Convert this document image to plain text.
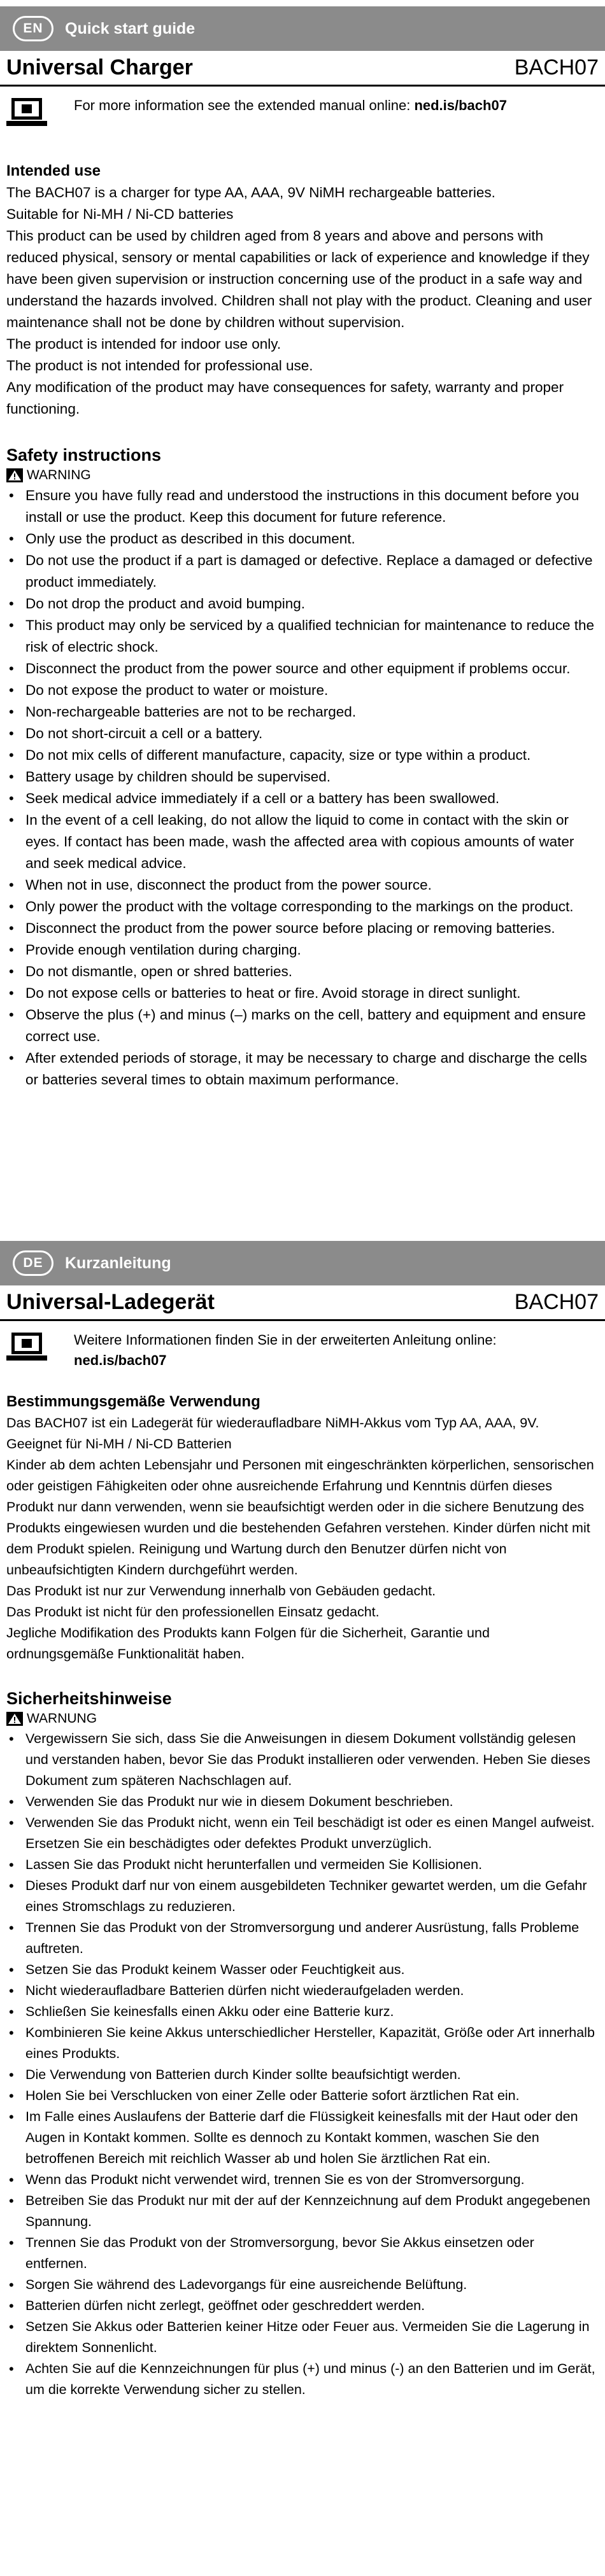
EN	Quick start guide
Universal Charger	BACH07
For more information see the extended manual online: ned.is/bach07
Intended use
The BACH07 is a charger for type AA, AAA, 9V NiMH rechargeable batteries.
Suitable for Ni-MH / Ni-CD batteries
This product can be used by children aged from 8 years and above and persons with reduced physical, sensory or mental capabilities or lack of experience and knowledge if they have been given supervision or instruction concerning use of the product in a safe way and understand the hazards involved. Children shall not play with the product. Cleaning and user maintenance shall not be done by children without supervision.
The product is intended for indoor use only.
The product is not intended for professional use.
Any modification of the product may have consequences for safety, warranty and proper functioning.
Safety instructions
WARNING
• Ensure you have fully read and understood the instructions in this document before you install or use the product. Keep this document for future reference.
• Only use the product as described in this document.
• Do not use the product if a part is damaged or defective. Replace a damaged or defective product immediately.
• Do not drop the product and avoid bumping.
• This product may only be serviced by a qualified technician for maintenance to reduce the risk of electric shock.
• Disconnect the product from the power source and other equipment if problems occur.
• Do not expose the product to water or moisture.
• Non-rechargeable batteries are not to be recharged.
• Do not short-circuit a cell or a battery.
• Do not mix cells of different manufacture, capacity, size or type within a product.
• Battery usage by children should be supervised.
• Seek medical advice immediately if a cell or a battery has been swallowed.
• In the event of a cell leaking, do not allow the liquid to come in contact with the skin or eyes. If contact has been made, wash the affected area with copious amounts of water and seek medical advice.
• When not in use, disconnect the product from the power source.
• Only power the product with the voltage corresponding to the markings on the product.
• Disconnect the product from the power source before placing or removing batteries.
• Provide enough ventilation during charging.
• Do not dismantle, open or shred batteries.
• Do not expose cells or batteries to heat or fire. Avoid storage in direct sunlight.
• Observe the plus (+) and minus (–) marks on the cell, battery and equipment and ensure correct use.
• After extended periods of storage, it may be necessary to charge and discharge the cells or batteries several times to obtain maximum performance.
DE	Kurzanleitung
Universal-Ladegerät	BACH07
Weitere Informationen finden Sie in der erweiterten Anleitung online:
ned.is/bach07
Bestimmungsgemäße Verwendung
Das BACH07 ist ein Ladegerät für wiederaufladbare NiMH-Akkus vom Typ AA, AAA, 9V.
Geeignet für Ni-MH / Ni-CD Batterien
Kinder ab dem achten Lebensjahr und Personen mit eingeschränkten körperlichen, sensorischen oder geistigen Fähigkeiten oder ohne ausreichende Erfahrung und Kenntnis dürfen dieses Produkt nur dann verwenden, wenn sie beaufsichtigt werden oder in die sichere Benutzung des Produkts eingewiesen wurden und die bestehenden Gefahren verstehen. Kinder dürfen nicht mit dem Produkt spielen. Reinigung und Wartung durch den Benutzer dürfen nicht von unbeaufsichtigten Kindern durchgeführt werden.
Das Produkt ist nur zur Verwendung innerhalb von Gebäuden gedacht.
Das Produkt ist nicht für den professionellen Einsatz gedacht.
Jegliche Modifikation des Produkts kann Folgen für die Sicherheit, Garantie und ordnungsgemäße Funktionalität haben.
Sicherheitshinweise
WARNUNG
• Vergewissern Sie sich, dass Sie die Anweisungen in diesem Dokument vollständig gelesen und verstanden haben, bevor Sie das Produkt installieren oder verwenden. Heben Sie dieses Dokument zum späteren Nachschlagen auf.
• Verwenden Sie das Produkt nur wie in diesem Dokument beschrieben.
• Verwenden Sie das Produkt nicht, wenn ein Teil beschädigt ist oder es einen Mangel aufweist. Ersetzen Sie ein beschädigtes oder defektes Produkt unverzüglich.
• Lassen Sie das Produkt nicht herunterfallen und vermeiden Sie Kollisionen.
• Dieses Produkt darf nur von einem ausgebildeten Techniker gewartet werden, um die Gefahr eines Stromschlags zu reduzieren.
• Trennen Sie das Produkt von der Stromversorgung und anderer Ausrüstung, falls Probleme auftreten.
• Setzen Sie das Produkt keinem Wasser oder Feuchtigkeit aus.
• Nicht wiederaufladbare Batterien dürfen nicht wiederaufgeladen werden.
• Schließen Sie keinesfalls einen Akku oder eine Batterie kurz.
• Kombinieren Sie keine Akkus unterschiedlicher Hersteller, Kapazität, Größe oder Art innerhalb eines Produkts.
• Die Verwendung von Batterien durch Kinder sollte beaufsichtigt werden.
• Holen Sie bei Verschlucken von einer Zelle oder Batterie sofort ärztlichen Rat ein.
• Im Falle eines Auslaufens der Batterie darf die Flüssigkeit keinesfalls mit der Haut oder den Augen in Kontakt kommen. Sollte es dennoch zu Kontakt kommen, waschen Sie den betroffenen Bereich mit reichlich Wasser ab und holen Sie ärztlichen Rat ein.
• Wenn das Produkt nicht verwendet wird, trennen Sie es von der Stromversorgung.
• Betreiben Sie das Produkt nur mit der auf der Kennzeichnung auf dem Produkt angegebenen Spannung.
• Trennen Sie das Produkt von der Stromversorgung, bevor Sie Akkus einsetzen oder entfernen.
• Sorgen Sie während des Ladevorgangs für eine ausreichende Belüftung.
• Batterien dürfen nicht zerlegt, geöffnet oder geschreddert werden.
• Setzen Sie Akkus oder Batterien keiner Hitze oder Feuer aus. Vermeiden Sie die Lagerung in direktem Sonnenlicht.
• Achten Sie auf die Kennzeichnungen für plus (+) und minus (-) an den Batterien und im Gerät, um die korrekte Verwendung sicher zu stellen.
